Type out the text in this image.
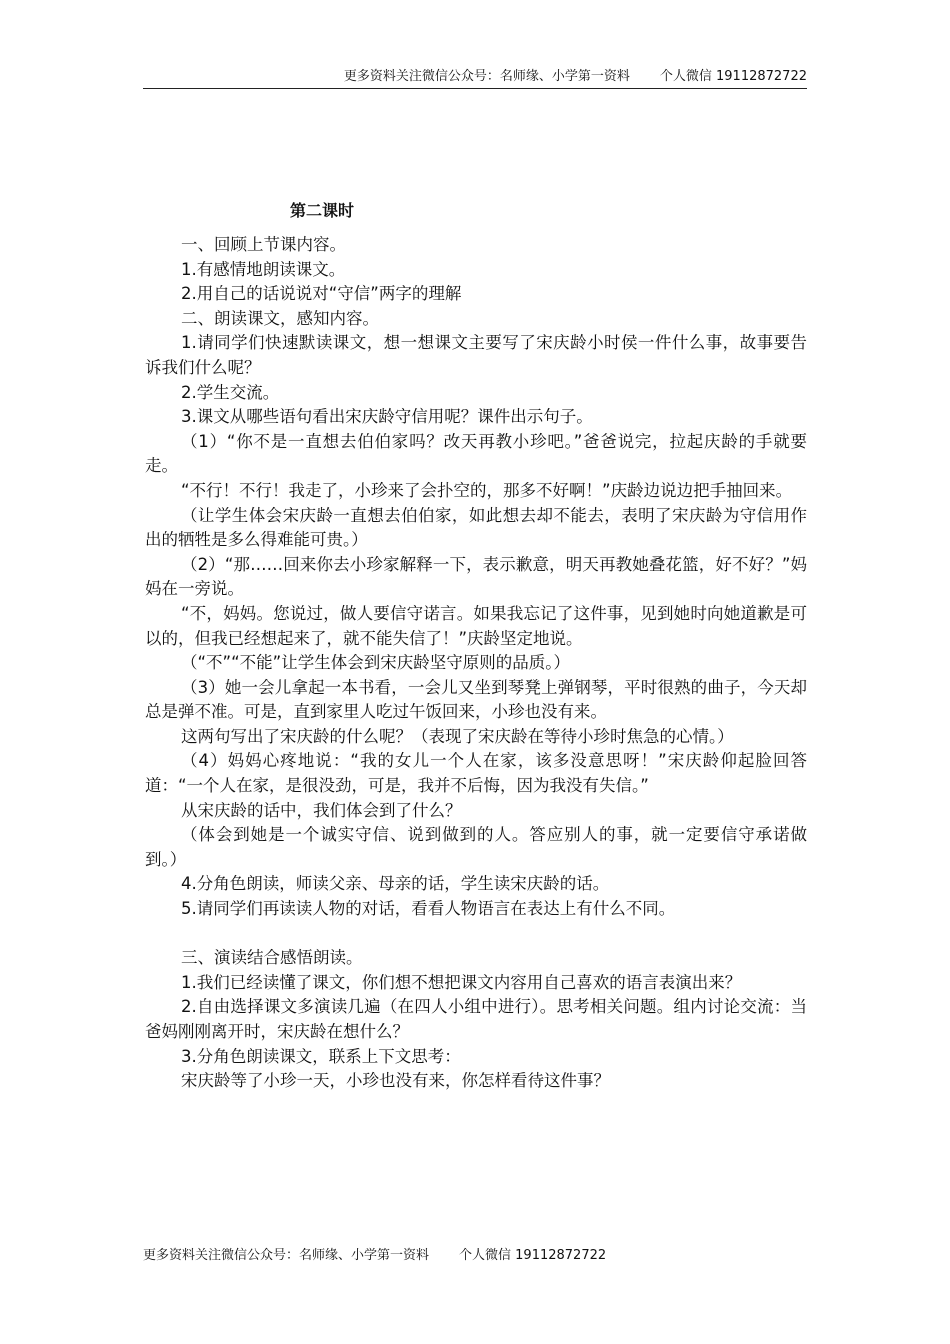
更多资料关注微信公众号：名师缘、小学第一资料 个人微信 19112872722
第二课时

一、回顾上节课内容。

1.有感情地朗读课文。

2.用自己的话说说对“守信”两字的理解

二、朗读课文，感知内容。

1.请同学们快速默读课文，想一想课文主要写了宋庆龄小时侯一件什么事，故事要告诉我们什么呢？

2.学生交流。

3.课文从哪些语句看出宋庆龄守信用呢？课件出示句子。

（1）“你不是一直想去伯伯家吗？改天再教小珍吧。”爸爸说完，拉起庆龄的手就要走。

“不行！不行！我走了，小珍来了会扑空的，那多不好啊！”庆龄边说边把手抽回来。

（让学生体会宋庆龄一直想去伯伯家，如此想去却不能去，表明了宋庆龄为守信用作出的牺牲是多么得难能可贵。）

（2）“那……回来你去小珍家解释一下，表示歉意，明天再教她叠花篮，好不好？”妈妈在一旁说。

“不，妈妈。您说过，做人要信守诺言。如果我忘记了这件事，见到她时向她道歉是可以的，但我已经想起来了，就不能失信了！”庆龄坚定地说。

（“不”“不能”让学生体会到宋庆龄坚守原则的品质。）

（3）她一会儿拿起一本书看，一会儿又坐到琴凳上弹钢琴，平时很熟的曲子，今天却总是弹不准。可是，直到家里人吃过午饭回来，小珍也没有来。

这两句写出了宋庆龄的什么呢？（表现了宋庆龄在等待小珍时焦急的心情。）

（4）妈妈心疼地说：“我的女儿一个人在家，该多没意思呀！”宋庆龄仰起脸回答道：“一个人在家，是很没劲，可是，我并不后悔，因为我没有失信。”

从宋庆龄的话中，我们体会到了什么？

（体会到她是一个诚实守信、说到做到的人。答应别人的事，就一定要信守承诺做到。）

4.分角色朗读，师读父亲、母亲的话，学生读宋庆龄的话。

5.请同学们再读读人物的对话，看看人物语言在表达上有什么不同。

三、演读结合感悟朗读。

1.我们已经读懂了课文，你们想不想把课文内容用自己喜欢的语言表演出来？

2.自由选择课文多演读几遍（在四人小组中进行）。思考相关问题。组内讨论交流：当爸妈刚刚离开时，宋庆龄在想什么？

3.分角色朗读课文，联系上下文思考：

宋庆龄等了小珍一天，小珍也没有来，你怎样看待这件事？

更多资料关注微信公众号：名师缘、小学第一资料 个人微信 19112872722
